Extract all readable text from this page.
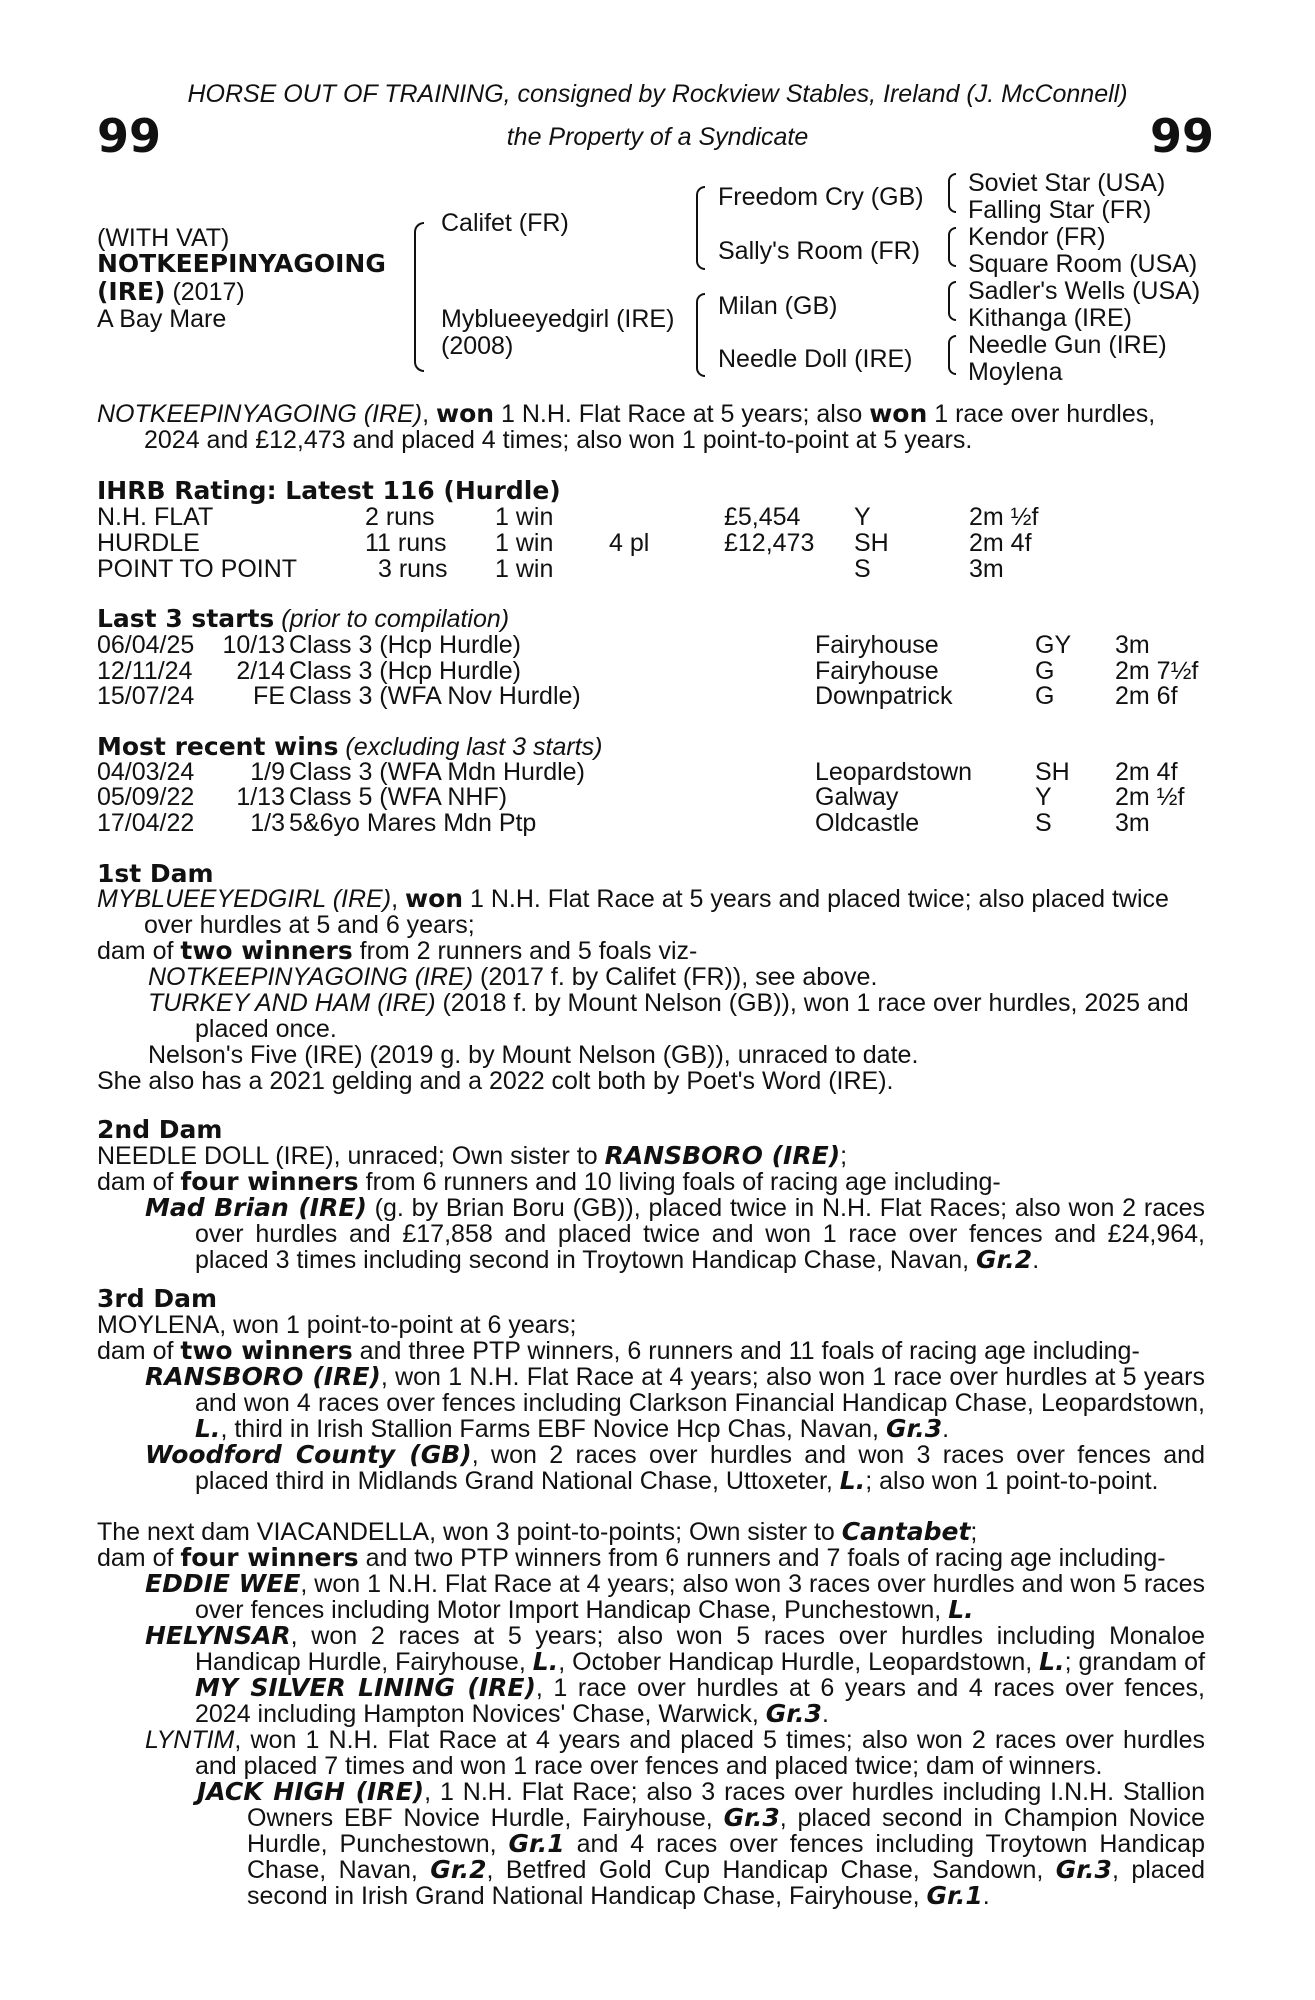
HORSE OUT OF TRAINING, consigned by Rockview Stables, Ireland (J. McConnell)
99	the Property of a Syndicate	99
(WITH VAT)
NOTKEEPINYAGOING
(IRE) (2017)
A Bay Mare
Califet (FR)
Myblueeyedgirl (IRE)
(2008)
Freedom Cry (GB)
Sally's Room (FR)
Milan (GB)
Needle Doll (IRE)
Soviet Star (USA)
Falling Star (FR)
Kendor (FR)
Square Room (USA)
Sadler's Wells (USA)
Kithanga (IRE)
Needle Gun (IRE)
Moylena
NOTKEEPINYAGOING (IRE), won 1 N.H. Flat Race at 5 years; also won 1 race over hurdles, 2024 and £12,473 and placed 4 times; also won 1 point-to-point at 5 years.
IHRB Rating: Latest 116 (Hurdle)
N.H. FLAT	2 runs 1 win	£5,454 Y	2m ½f
HURDLE	11 runs 1 win 4 pl	£12,473 SH	2m 4f
POINT TO POINT	3 runs 1 win	S	3m
Last 3 starts (prior to compilation)
06/04/25	10/13 Class 3 (Hcp Hurdle)	Fairyhouse	GY 3m
12/11/24	2/14 Class 3 (Hcp Hurdle)	Fairyhouse	G 2m 7½f
15/07/24	FE Class 3 (WFA Nov Hurdle)	Downpatrick	G 2m 6f
Most recent wins (excluding last 3 starts)
04/03/24	1/9 Class 3 (WFA Mdn Hurdle)	Leopardstown	SH 2m 4f
05/09/22	1/13 Class 5 (WFA NHF)	Galway	Y	2m ½f
17/04/22	1/3 5&6yo Mares Mdn Ptp	Oldcastle	S	3m
1st Dam
MYBLUEEYEDGIRL (IRE), won 1 N.H. Flat Race at 5 years and placed twice; also placed twice over hurdles at 5 and 6 years;
dam of two winners from 2 runners and 5 foals viz-
NOTKEEPINYAGOING (IRE) (2017 f. by Califet (FR)), see above.
TURKEY AND HAM (IRE) (2018 f. by Mount Nelson (GB)), won 1 race over hurdles, 2025 and placed once.
Nelson's Five (IRE) (2019 g. by Mount Nelson (GB)), unraced to date.
She also has a 2021 gelding and a 2022 colt both by Poet's Word (IRE).
2nd Dam
NEEDLE DOLL (IRE), unraced; Own sister to RANSBORO (IRE);
dam of four winners from 6 runners and 10 living foals of racing age including-
Mad Brian (IRE) (g. by Brian Boru (GB)), placed twice in N.H. Flat Races; also won 2 races over hurdles and £17,858 and placed twice and won 1 race over fences and £24,964, placed 3 times including second in Troytown Handicap Chase, Navan, Gr.2.
3rd Dam
MOYLENA, won 1 point-to-point at 6 years;
dam of two winners and three PTP winners, 6 runners and 11 foals of racing age including-
RANSBORO (IRE), won 1 N.H. Flat Race at 4 years; also won 1 race over hurdles at 5 years and won 4 races over fences including Clarkson Financial Handicap Chase, Leopardstown, L., third in Irish Stallion Farms EBF Novice Hcp Chas, Navan, Gr.3.
Woodford County (GB), won 2 races over hurdles and won 3 races over fences and placed third in Midlands Grand National Chase, Uttoxeter, L.; also won 1 point-to-point.
The next dam VIACANDELLA, won 3 point-to-points; Own sister to Cantabet;
dam of four winners and two PTP winners from 6 runners and 7 foals of racing age including-
EDDIE WEE, won 1 N.H. Flat Race at 4 years; also won 3 races over hurdles and won 5 races over fences including Motor Import Handicap Chase, Punchestown, L.
HELYNSAR, won 2 races at 5 years; also won 5 races over hurdles including Monaloe Handicap Hurdle, Fairyhouse, L., October Handicap Hurdle, Leopardstown, L.; grandam of MY SILVER LINING (IRE), 1 race over hurdles at 6 years and 4 races over fences, 2024 including Hampton Novices' Chase, Warwick, Gr.3.
LYNTIM, won 1 N.H. Flat Race at 4 years and placed 5 times; also won 2 races over hurdles and placed 7 times and won 1 race over fences and placed twice; dam of winners.
JACK HIGH (IRE), 1 N.H. Flat Race; also 3 races over hurdles including I.N.H. Stallion Owners EBF Novice Hurdle, Fairyhouse, Gr.3, placed second in Champion Novice Hurdle, Punchestown, Gr.1 and 4 races over fences including Troytown Handicap Chase, Navan, Gr.2, Betfred Gold Cup Handicap Chase, Sandown, Gr.3, placed second in Irish Grand National Handicap Chase, Fairyhouse, Gr.1.
